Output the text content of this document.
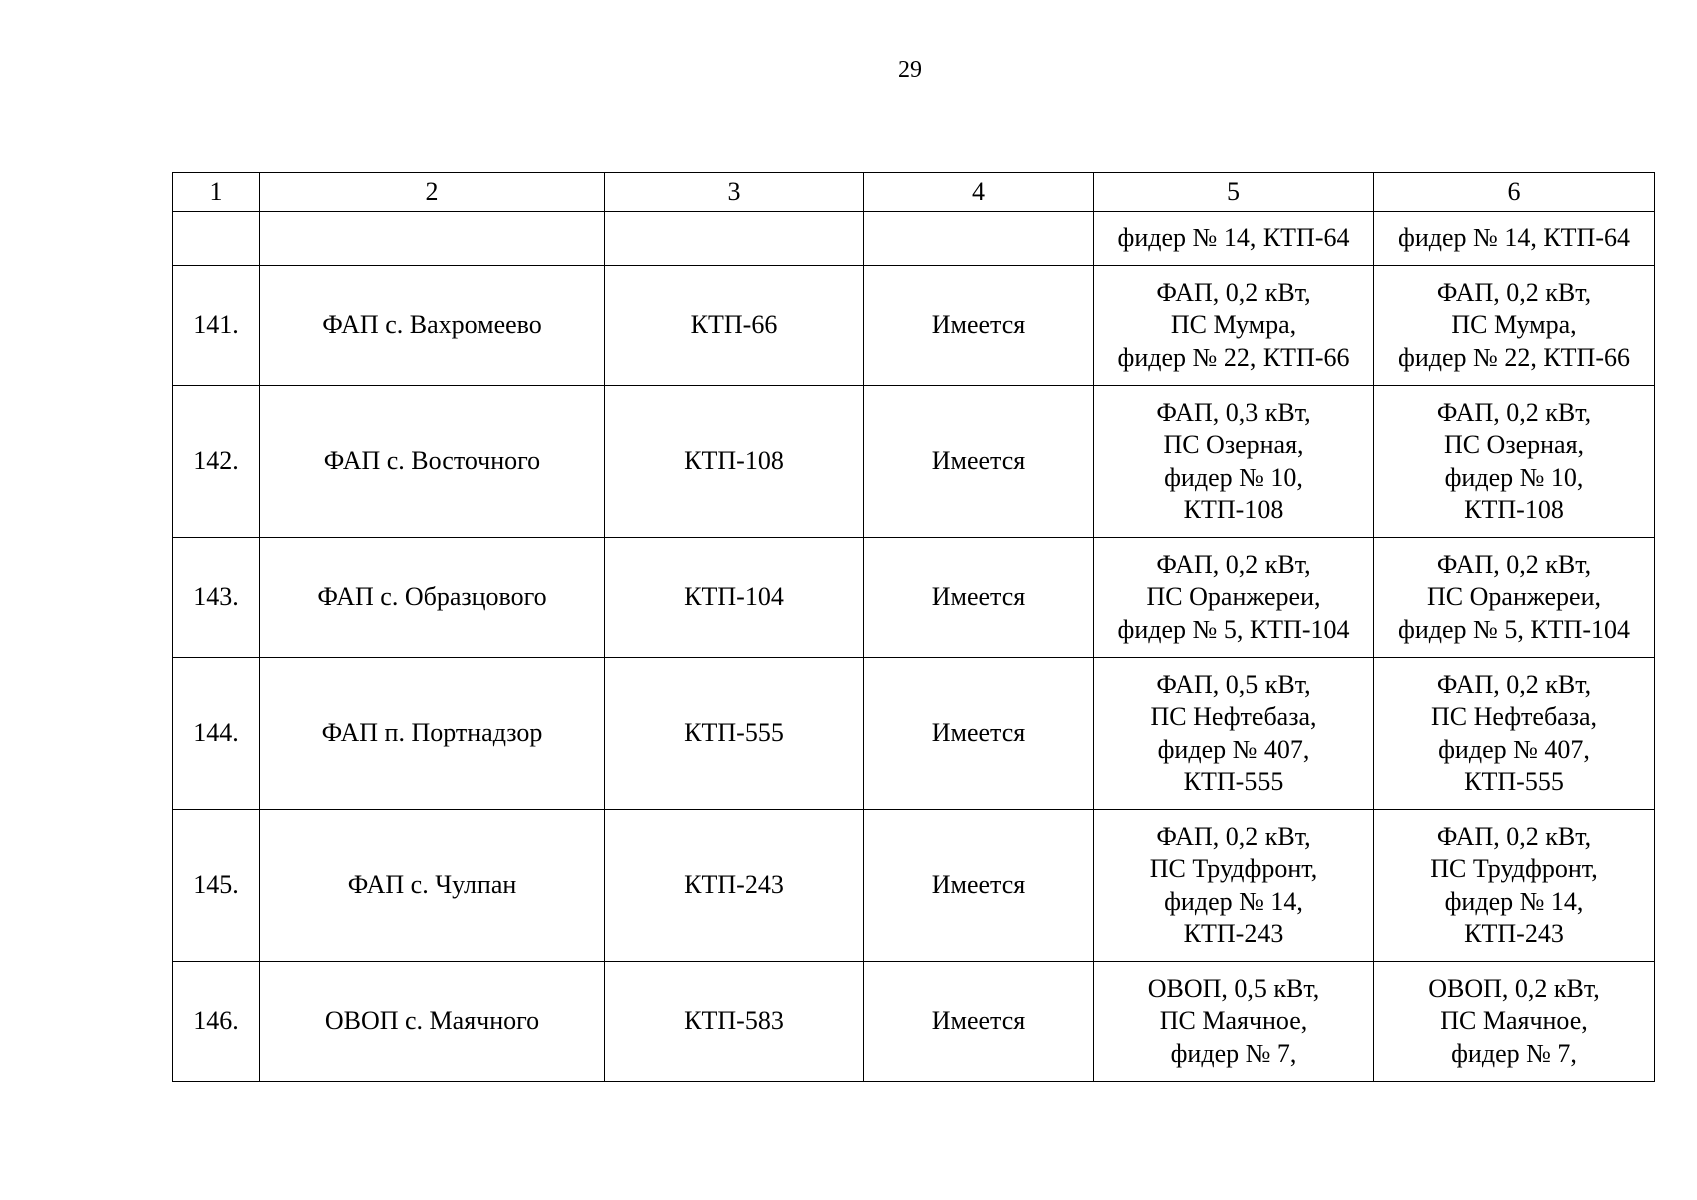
29
1	2	3	4	5	6

				фидер № 14, КТП-64	фидер № 14, КТП-64

141.	ФАП с. Вахромеево	КТП-66	Имеется	ФАП, 0,2 кВт,
ПС Мумра,
фидер № 22, КТП-66	ФАП, 0,2 кВт,
ПС Мумра,
фидер № 22, КТП-66

142.	ФАП с. Восточного	КТП-108	Имеется	ФАП, 0,3 кВт,
ПС Озерная,
фидер № 10,
КТП-108	ФАП, 0,2 кВт,
ПС Озерная,
фидер № 10,
КТП-108

143.	ФАП с. Образцового	КТП-104	Имеется	ФАП, 0,2 кВт,
ПС Оранжереи,
фидер № 5, КТП-104	ФАП, 0,2 кВт,
ПС Оранжереи,
фидер № 5, КТП-104

144.	ФАП п. Портнадзор	КТП-555	Имеется	ФАП, 0,5 кВт,
ПС Нефтебаза,
фидер № 407,
КТП-555	ФАП, 0,2 кВт,
ПС Нефтебаза,
фидер № 407,
КТП-555

145.	ФАП с. Чулпан	КТП-243	Имеется	ФАП, 0,2 кВт,
ПС Трудфронт,
фидер № 14,
КТП-243	ФАП, 0,2 кВт,
ПС Трудфронт,
фидер № 14,
КТП-243

146.	ОВОП с. Маячного	КТП-583	Имеется	ОВОП, 0,5 кВт,
ПС Маячное,
фидер № 7,	ОВОП, 0,2 кВт,
ПС Маячное,
фидер № 7,
